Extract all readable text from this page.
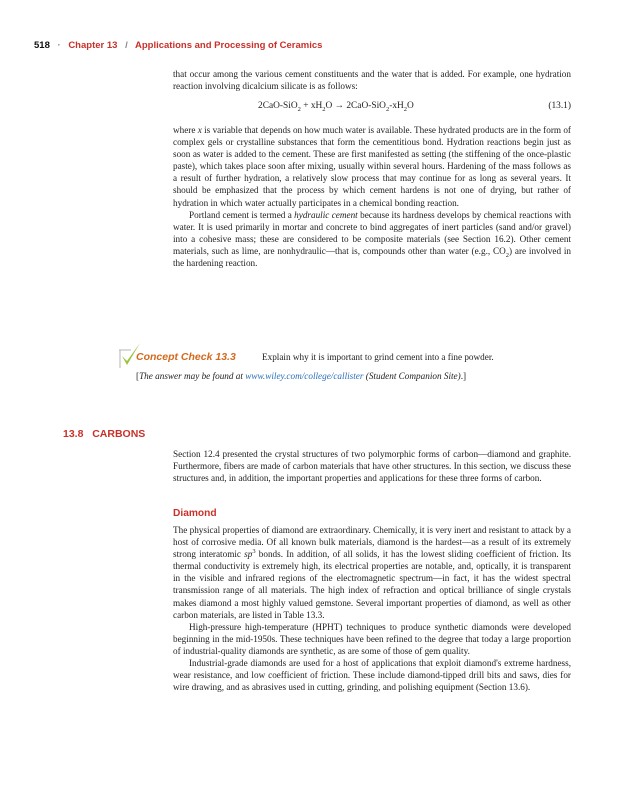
518 · Chapter 13 / Applications and Processing of Ceramics

that occur among the various cement constituents and the water that is added. For example, one hydration reaction involving dicalcium silicate is as follows:

$2CaO-SiO_2 + xH_2O \to 2CaO-SiO_2-xH_2O$	(13.1)

where x is variable that depends on how much water is available. These hydrated products are in the form of complex gels or crystalline substances that form the cementitious bond. Hydration reactions begin just as soon as water is added to the cement. These are first manifested as setting (the stiffening of the once-plastic paste), which takes place soon after mixing, usually within several hours. Hardening of the mass follows as a result of further hydration, a relatively slow process that may continue for as long as several years. It should be emphasized that the process by which cement hardens is not one of drying, but rather of hydration in which water actually participates in a chemical bonding reaction.

Portland cement is termed a hydraulic cement because its hardness develops by chemical reactions with water. It is used primarily in mortar and concrete to bind aggregates of inert particles (sand and/or gravel) into a cohesive mass; these are considered to be composite materials (see Section 16.2). Other cement materials, such as lime, are nonhydraulic—that is, compounds other than water (e.g., $CO_2$) are involved in the hardening reaction.

Concept Check 13.3	Explain why it is important to grind cement into a fine powder.
[The answer may be found at www.wiley.com/college/callister (Student Companion Site).]
13.8 CARBONS

Section 12.4 presented the crystal structures of two polymorphic forms of carbon—diamond and graphite. Furthermore, fibers are made of carbon materials that have other structures. In this section, we discuss these structures and, in addition, the important properties and applications for these three forms of carbon.

Diamond

The physical properties of diamond are extraordinary. Chemically, it is very inert and resistant to attack by a host of corrosive media. Of all known bulk materials, diamond is the hardest—as a result of its extremely strong interatomic $sp^3$ bonds. In addition, of all solids, it has the lowest sliding coefficient of friction. Its thermal conductivity is extremely high, its electrical properties are notable, and, optically, it is transparent in the visible and infrared regions of the electromagnetic spectrum—in fact, it has the widest spectral transmission range of all materials. The high index of refraction and optical brilliance of single crystals makes diamond a most highly valued gemstone. Several important properties of diamond, as well as other carbon materials, are listed in Table 13.3.

High-pressure high-temperature (HPHT) techniques to produce synthetic diamonds were developed beginning in the mid-1950s. These techniques have been refined to the degree that today a large proportion of industrial-quality diamonds are synthetic, as are some of those of gem quality.

Industrial-grade diamonds are used for a host of applications that exploit diamond's extreme hardness, wear resistance, and low coefficient of friction. These include diamond-tipped drill bits and saws, dies for wire drawing, and as abrasives used in cutting, grinding, and polishing equipment (Section 13.6).
